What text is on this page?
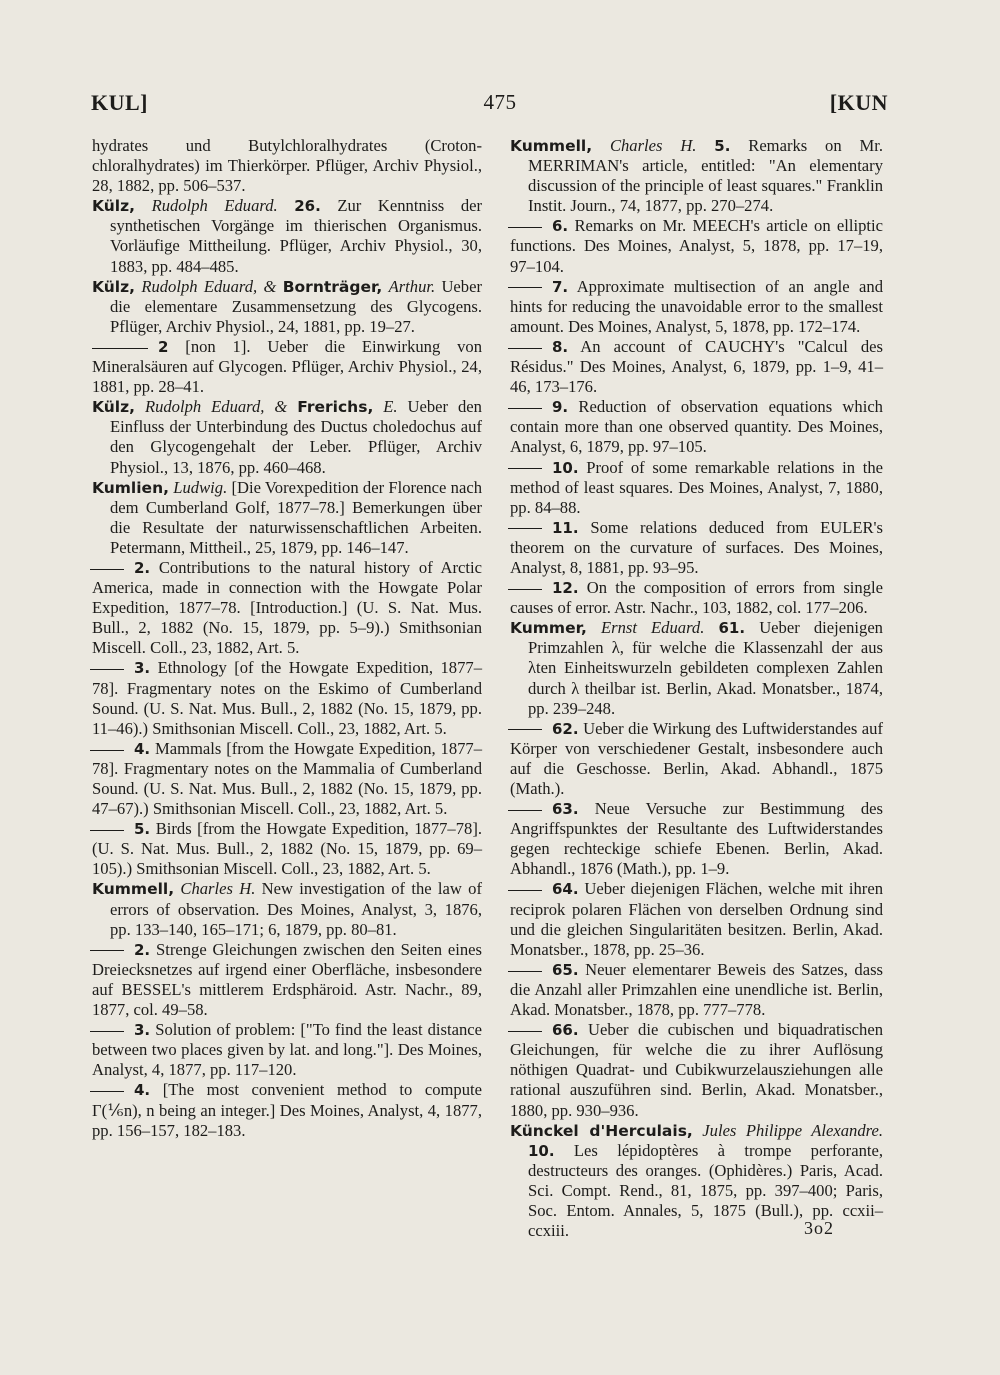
KUL]	475	[KUN

hydrates und Butylchloralhydrates (Croton-chloralhydrates) im Thierkörper. Pflüger, Archiv Physiol., 28, 1882, pp. 506–537.

Külz, Rudolph Eduard. 26. Zur Kenntniss der synthetischen Vorgänge im thierischen Organismus. Vorläufige Mittheilung. Pflüger, Archiv Physiol., 30, 1883, pp. 484–485.

Külz, Rudolph Eduard, & Bornträger, Arthur. Ueber die elementare Zusammensetzung des Glycogens. Pflüger, Archiv Physiol., 24, 1881, pp. 19–27.

2 [non 1]. Ueber die Einwirkung von Mineralsäuren auf Glycogen. Pflüger, Archiv Physiol., 24, 1881, pp. 28–41.

Külz, Rudolph Eduard, & Frerichs, E. Ueber den Einfluss der Unterbindung des Ductus choledochus auf den Glycogengehalt der Leber. Pflüger, Archiv Physiol., 13, 1876, pp. 460–468.

Kumlien, Ludwig. [Die Vorexpedition der Florence nach dem Cumberland Golf, 1877–78.] Bemerkungen über die Resultate der naturwissenschaftlichen Arbeiten. Petermann, Mittheil., 25, 1879, pp. 146–147.

2. Contributions to the natural history of Arctic America, made in connection with the Howgate Polar Expedition, 1877–78. [Introduction.] (U. S. Nat. Mus. Bull., 2, 1882 (No. 15, 1879, pp. 5–9).) Smithsonian Miscell. Coll., 23, 1882, Art. 5.

3. Ethnology [of the Howgate Expedition, 1877–78]. Fragmentary notes on the Eskimo of Cumberland Sound. (U. S. Nat. Mus. Bull., 2, 1882 (No. 15, 1879, pp. 11–46).) Smithsonian Miscell. Coll., 23, 1882, Art. 5.

4. Mammals [from the Howgate Expedition, 1877–78]. Fragmentary notes on the Mammalia of Cumberland Sound. (U. S. Nat. Mus. Bull., 2, 1882 (No. 15, 1879, pp. 47–67).) Smithsonian Miscell. Coll., 23, 1882, Art. 5.

5. Birds [from the Howgate Expedition, 1877–78]. (U. S. Nat. Mus. Bull., 2, 1882 (No. 15, 1879, pp. 69–105).) Smithsonian Miscell. Coll., 23, 1882, Art. 5.

Kummell, Charles H. New investigation of the law of errors of observation. Des Moines, Analyst, 3, 1876, pp. 133–140, 165–171; 6, 1879, pp. 80–81.

2. Strenge Gleichungen zwischen den Seiten eines Dreiecksnetzes auf irgend einer Oberfläche, insbesondere auf BESSEL's mittlerem Erdsphäroid. Astr. Nachr., 89, 1877, col. 49–58.

3. Solution of problem: ["To find the least distance between two places given by lat. and long."]. Des Moines, Analyst, 4, 1877, pp. 117–120.

4. [The most convenient method to compute Γ(⅙n), n being an integer.] Des Moines, Analyst, 4, 1877, pp. 156–157, 182–183.

Kummell, Charles H. 5. Remarks on Mr. MERRIMAN's article, entitled: "An elementary discussion of the principle of least squares." Franklin Instit. Journ., 74, 1877, pp. 270–274.

6. Remarks on Mr. MEECH's article on elliptic functions. Des Moines, Analyst, 5, 1878, pp. 17–19, 97–104.

7. Approximate multisection of an angle and hints for reducing the unavoidable error to the smallest amount. Des Moines, Analyst, 5, 1878, pp. 172–174.

8. An account of CAUCHY's "Calcul des Résidus." Des Moines, Analyst, 6, 1879, pp. 1–9, 41–46, 173–176.

9. Reduction of observation equations which contain more than one observed quantity. Des Moines, Analyst, 6, 1879, pp. 97–105.

10. Proof of some remarkable relations in the method of least squares. Des Moines, Analyst, 7, 1880, pp. 84–88.

11. Some relations deduced from EULER's theorem on the curvature of surfaces. Des Moines, Analyst, 8, 1881, pp. 93–95.

12. On the composition of errors from single causes of error. Astr. Nachr., 103, 1882, col. 177–206.

Kummer, Ernst Eduard. 61. Ueber diejenigen Primzahlen λ, für welche die Klassenzahl der aus λten Einheitswurzeln gebildeten complexen Zahlen durch λ theilbar ist. Berlin, Akad. Monatsber., 1874, pp. 239–248.

62. Ueber die Wirkung des Luftwiderstandes auf Körper von verschiedener Gestalt, insbesondere auch auf die Geschosse. Berlin, Akad. Abhandl., 1875 (Math.).

63. Neue Versuche zur Bestimmung des Angriffspunktes der Resultante des Luftwiderstandes gegen rechteckige schiefe Ebenen. Berlin, Akad. Abhandl., 1876 (Math.), pp. 1–9.

64. Ueber diejenigen Flächen, welche mit ihren reciprok polaren Flächen von derselben Ordnung sind und die gleichen Singularitäten besitzen. Berlin, Akad. Monatsber., 1878, pp. 25–36.

65. Neuer elementarer Beweis des Satzes, dass die Anzahl aller Primzahlen eine unendliche ist. Berlin, Akad. Monatsber., 1878, pp. 777–778.

66. Ueber die cubischen und biquadratischen Gleichungen, für welche die zu ihrer Auflösung nöthigen Quadrat- und Cubikwurzelausziehungen alle rational auszuführen sind. Berlin, Akad. Monatsber., 1880, pp. 930–936.

Künckel d'Herculais, Jules Philippe Alexandre. 10. Les lépidoptères à trompe perforante, destructeurs des oranges. (Ophidères.) Paris, Acad. Sci. Compt. Rend., 81, 1875, pp. 397–400; Paris, Soc. Entom. Annales, 5, 1875 (Bull.), pp. ccxii–ccxiii.	3o2
